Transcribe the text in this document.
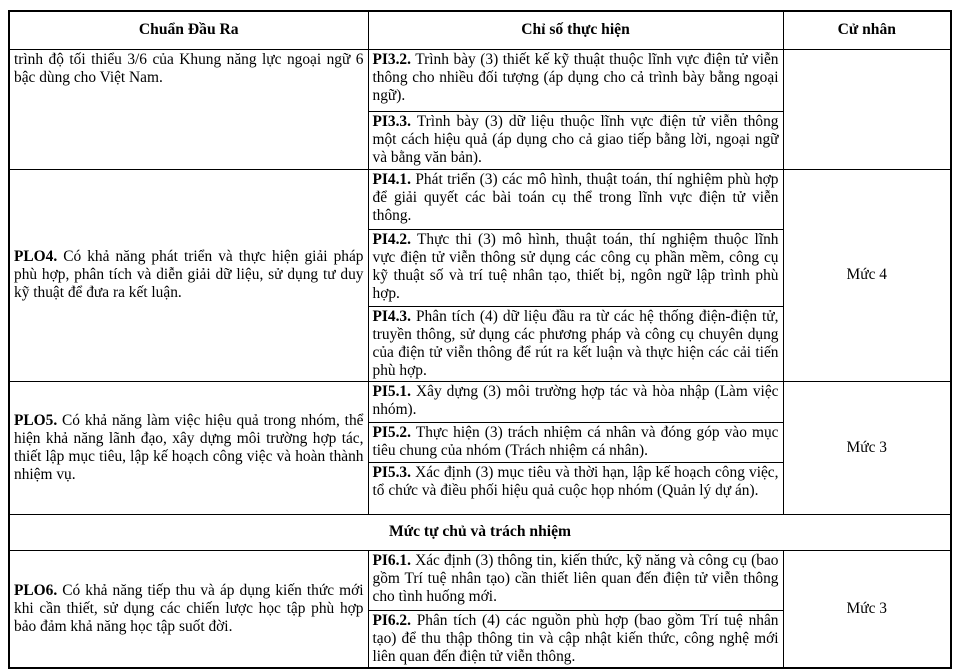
Chuẩn Đầu Ra	Chỉ số thực hiện	Cử nhân
trình độ tối thiểu 3/6 của Khung năng lực ngoại ngữ 6 bậc dùng cho Việt Nam.	PI3.2. Trình bày (3) thiết kế kỹ thuật thuộc lĩnh vực điện tử viễn thông cho nhiều đối tượng (áp dụng cho cả trình bày bằng ngoại ngữ).	
	PI3.3. Trình bày (3) dữ liệu thuộc lĩnh vực điện tử viễn thông một cách hiệu quả (áp dụng cho cả giao tiếp bằng lời, ngoại ngữ và bằng văn bản).	
PLO4. Có khả năng phát triển và thực hiện giải pháp phù hợp, phân tích và diễn giải dữ liệu, sử dụng tư duy kỹ thuật để đưa ra kết luận.	PI4.1. Phát triển (3) các mô hình, thuật toán, thí nghiệm phù hợp để giải quyết các bài toán cụ thể trong lĩnh vực điện tử viễn thông.	Mức 4
	PI4.2. Thực thi (3) mô hình, thuật toán, thí nghiệm thuộc lĩnh vực điện tử viễn thông sử dụng các công cụ phần mềm, công cụ kỹ thuật số và trí tuệ nhân tạo, thiết bị, ngôn ngữ lập trình phù hợp.	
	PI4.3. Phân tích (4) dữ liệu đầu ra từ các hệ thống điện-điện tử, truyền thông, sử dụng các phương pháp và công cụ chuyên dụng của điện tử viễn thông để rút ra kết luận và thực hiện các cải tiến phù hợp.	
PLO5. Có khả năng làm việc hiệu quả trong nhóm, thể hiện khả năng lãnh đạo, xây dựng môi trường hợp tác, thiết lập mục tiêu, lập kế hoạch công việc và hoàn thành nhiệm vụ.	PI5.1. Xây dựng (3) môi trường hợp tác và hòa nhập (Làm việc nhóm).	Mức 3
	PI5.2. Thực hiện (3) trách nhiệm cá nhân và đóng góp vào mục tiêu chung của nhóm (Trách nhiệm cá nhân).	
	PI5.3. Xác định (3) mục tiêu và thời hạn, lập kế hoạch công việc, tổ chức và điều phối hiệu quả cuộc họp nhóm (Quản lý dự án).	
Mức tự chủ và trách nhiệm		
PLO6. Có khả năng tiếp thu và áp dụng kiến thức mới khi cần thiết, sử dụng các chiến lược học tập phù hợp bảo đảm khả năng học tập suốt đời.	PI6.1. Xác định (3) thông tin, kiến thức, kỹ năng và công cụ (bao gồm Trí tuệ nhân tạo) cần thiết liên quan đến điện tử viễn thông cho tình huống mới.	Mức 3
	PI6.2. Phân tích (4) các nguồn phù hợp (bao gồm Trí tuệ nhân tạo) để thu thập thông tin và cập nhật kiến thức, công nghệ mới liên quan đến điện tử viễn thông.	
